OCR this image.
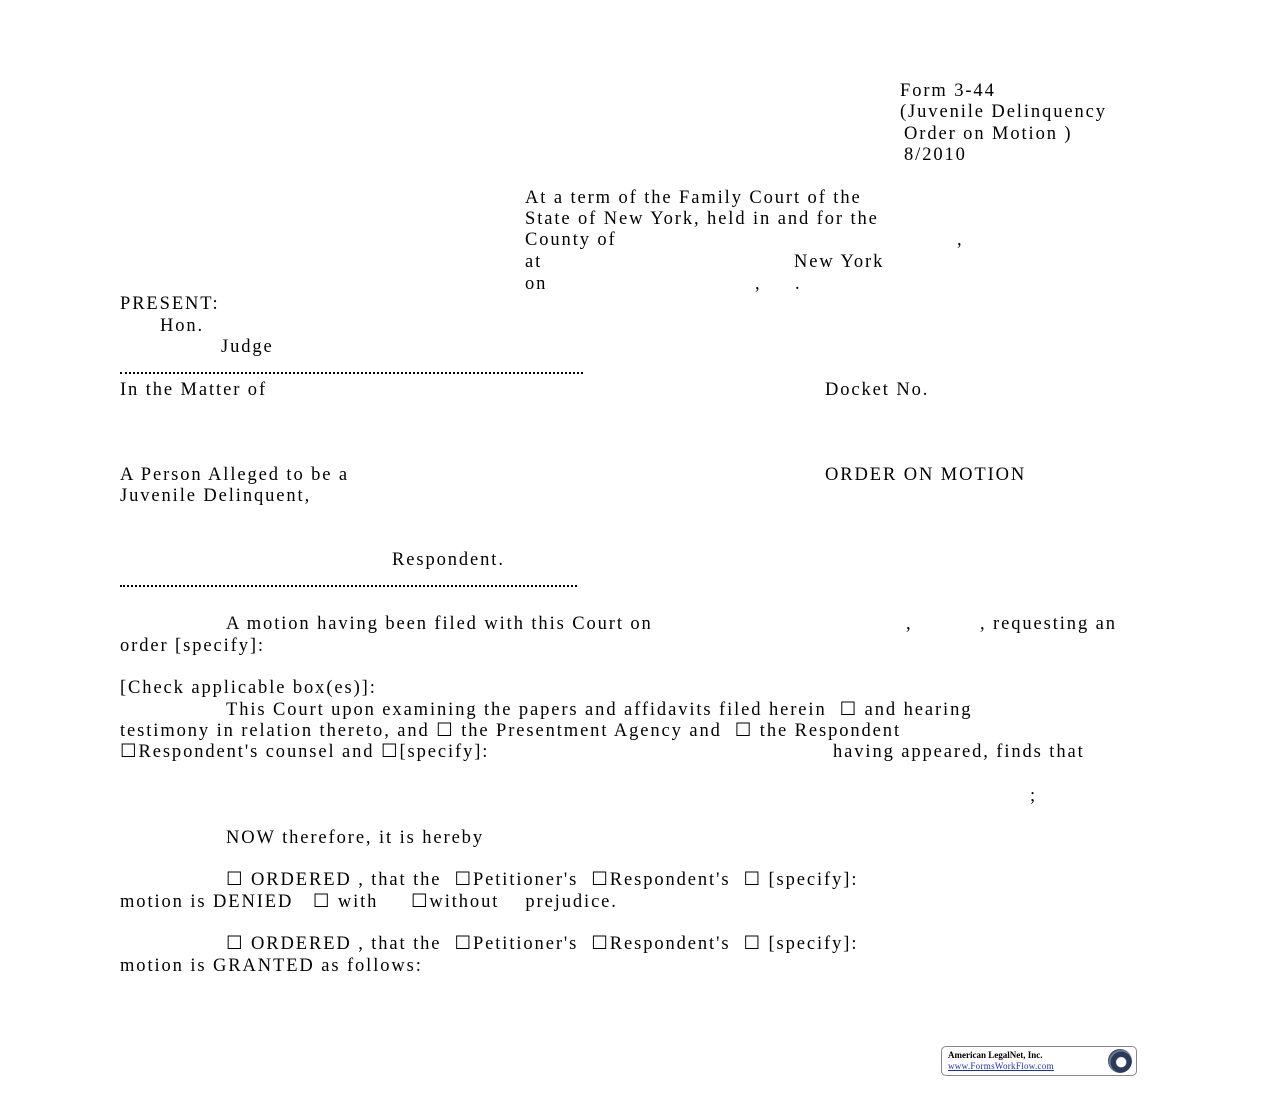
Form 3-44
(Juvenile Delinquency
Order on Motion )
8/2010
At a term of the Family Court of the
State of New York, held in and for the
County of	,
at	New York
on	, .
PRESENT:
Hon.
Judge
In the Matter of	Docket No.
A Person Alleged to be a	ORDER ON MOTION
Juvenile Delinquent,
Respondent.
A motion having been filed with this Court on	,	, requesting an
order [specify]:
[Check applicable box(es)]:
This Court upon examining the papers and affidavits filed herein  ☐ and hearing
testimony in relation thereto, and ☐ the Presentment Agency and  ☐ the Respondent
☐Respondent's counsel and ☐[specify]:	having appeared, finds that
;
NOW therefore, it is hereby
☐ ORDERED , that the  ☐Petitioner's  ☐Respondent's  ☐ [specify]:
motion is DENIED   ☐ with     ☐without    prejudice.
☐ ORDERED , that the  ☐Petitioner's  ☐Respondent's  ☐ [specify]:
motion is GRANTED as follows:
American LegalNet, Inc.
www.FormsWorkFlow.com
